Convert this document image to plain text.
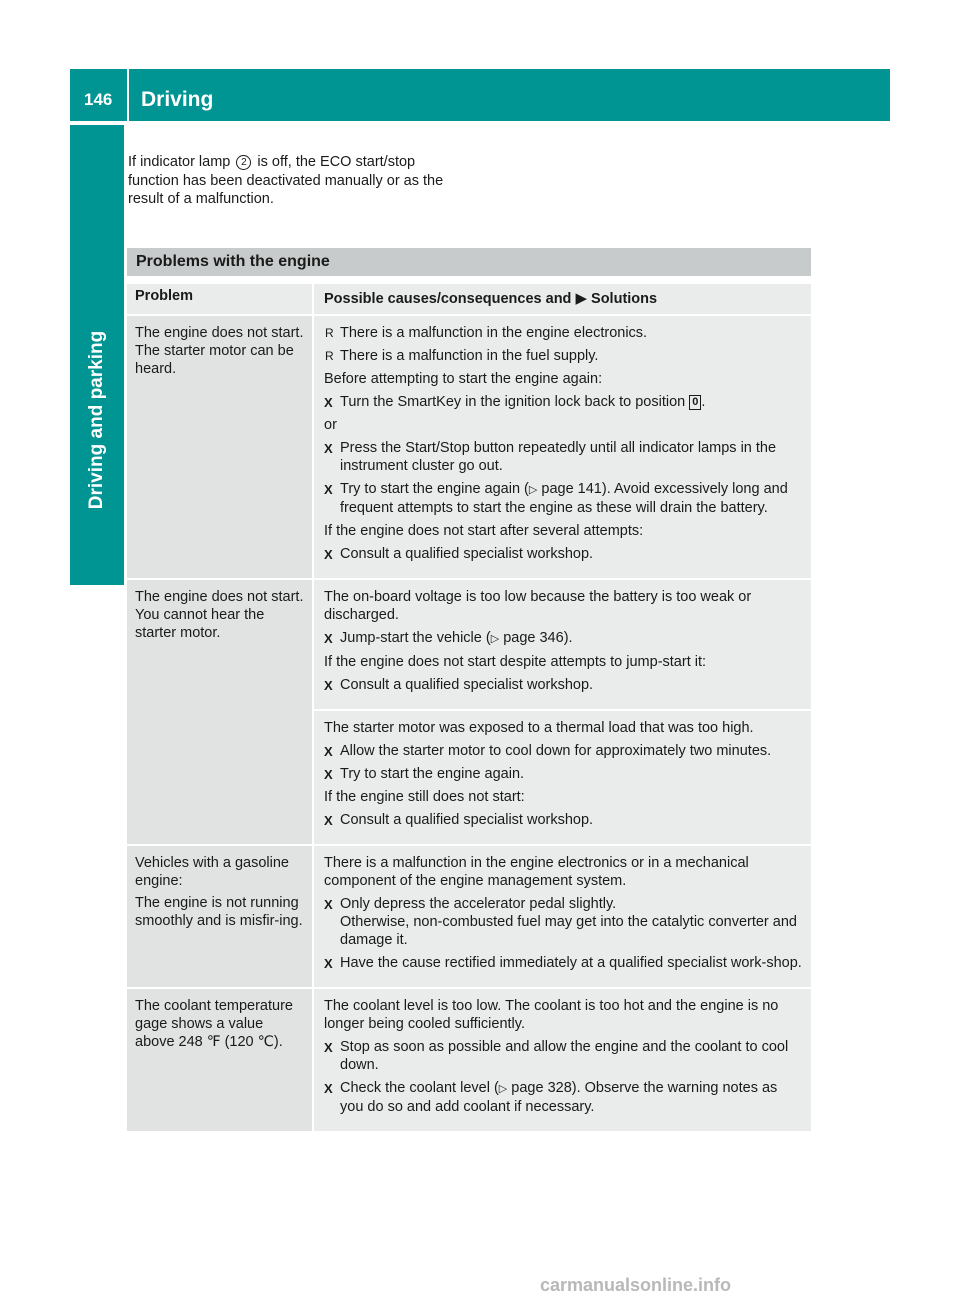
146 Driving
Driving and parking
If indicator lamp 2 is off, the ECO start/stop function has been deactivated manually or as the result of a malfunction.
Problems with the engine
Problem	Possible causes/consequences and ▶ Solutions
The engine does not start. The starter motor can be heard.
R There is a malfunction in the engine electronics.
R There is a malfunction in the fuel supply.
Before attempting to start the engine again:
X Turn the SmartKey in the ignition lock back to position 0 .
or
X Press the Start/Stop button repeatedly until all indicator lamps in the instrument cluster go out.
X Try to start the engine again (▷ page 141). Avoid excessively long and frequent attempts to start the engine as these will drain the battery.
If the engine does not start after several attempts:
X Consult a qualified specialist workshop.
The engine does not start. You cannot hear the starter motor.
The on-board voltage is too low because the battery is too weak or discharged.
X Jump-start the vehicle (▷ page 346).
If the engine does not start despite attempts to jump-start it:
X Consult a qualified specialist workshop.
The starter motor was exposed to a thermal load that was too high.
X Allow the starter motor to cool down for approximately two minutes.
X Try to start the engine again.
If the engine still does not start:
X Consult a qualified specialist workshop.
Vehicles with a gasoline engine:
The engine is not running smoothly and is misfir-ing.
There is a malfunction in the engine electronics or in a mechanical component of the engine management system.
X Only depress the accelerator pedal slightly.
Otherwise, non-combusted fuel may get into the catalytic converter and damage it.
X Have the cause rectified immediately at a qualified specialist work-shop.
The coolant temperature gage shows a value above 248 ℉ (120 ℃).
The coolant level is too low. The coolant is too hot and the engine is no longer being cooled sufficiently.
X Stop as soon as possible and allow the engine and the coolant to cool down.
X Check the coolant level (▷ page 328). Observe the warning notes as you do so and add coolant if necessary.
carmanualsonline.info
